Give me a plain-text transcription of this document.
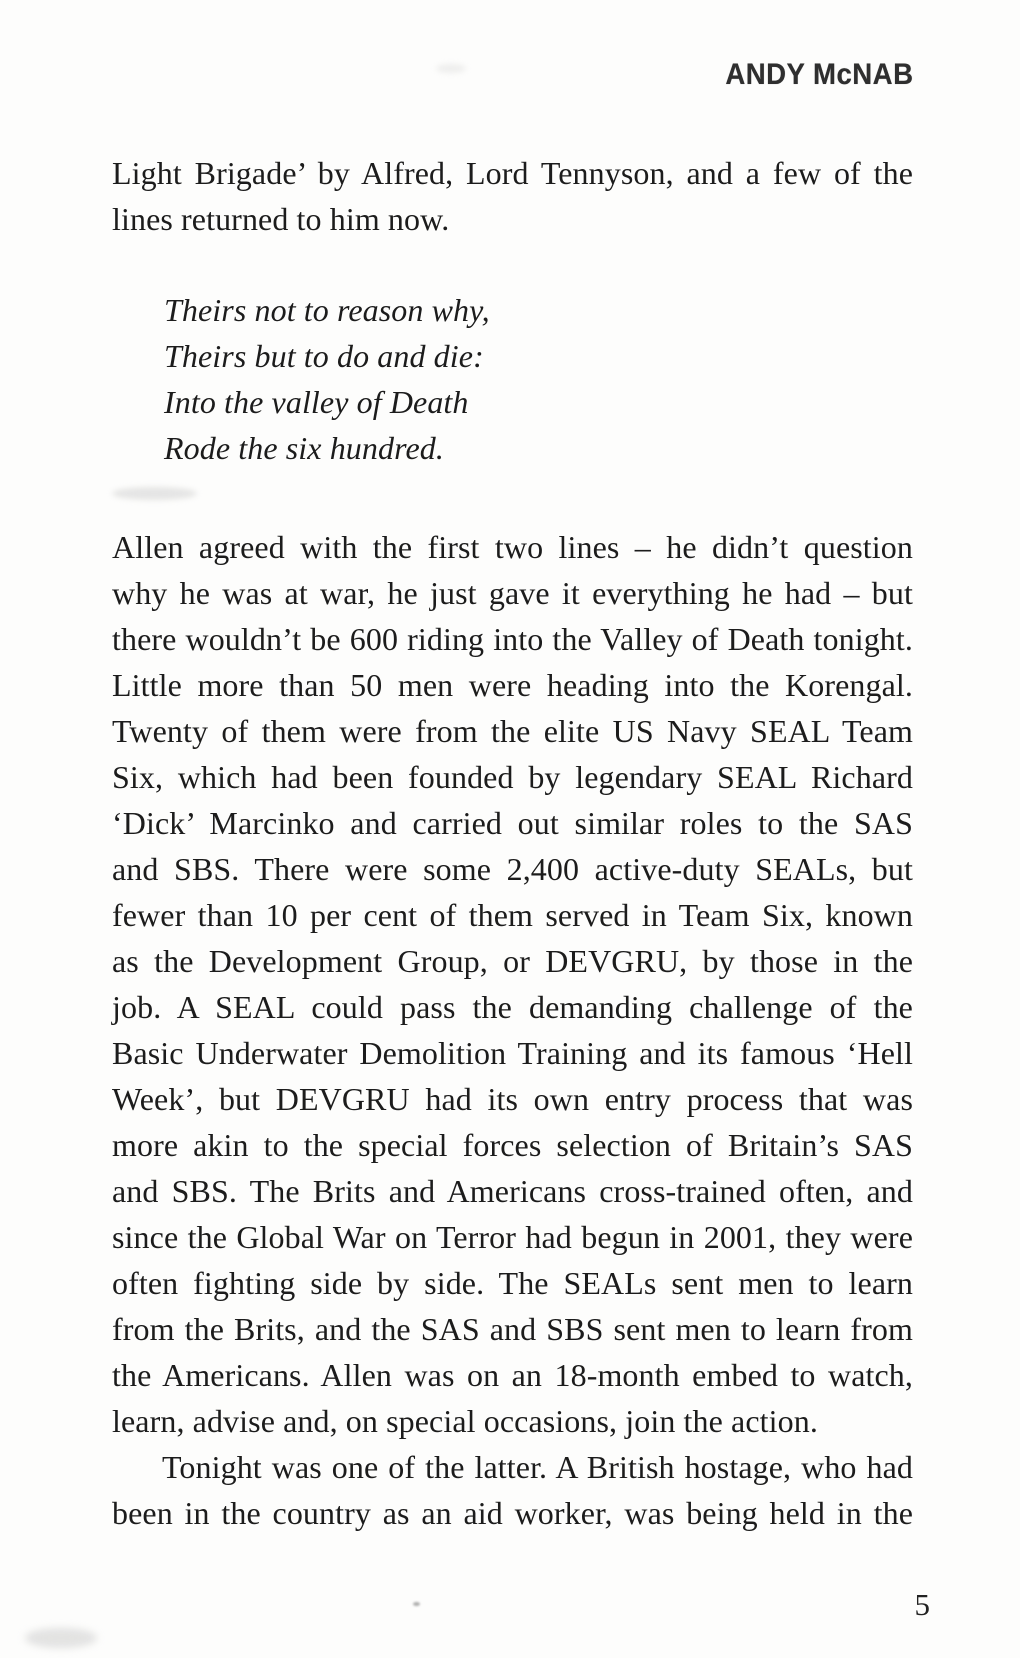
ANDY McNAB
Light Brigade’ by Alfred, Lord Tennyson, and a few of the
lines returned to him now.
Theirs not to reason why,
Theirs but to do and die:
Into the valley of Death
Rode the six hundred.
Allen agreed with the first two lines – he didn’t question
why he was at war, he just gave it everything he had – but
there wouldn’t be 600 riding into the Valley of Death tonight.
Little more than 50 men were heading into the Korengal.
Twenty of them were from the elite US Navy SEAL Team
Six, which had been founded by legendary SEAL Richard
‘Dick’ Marcinko and carried out similar roles to the SAS
and SBS. There were some 2,400 active-duty SEALs, but
fewer than 10 per cent of them served in Team Six, known
as the Development Group, or DEVGRU, by those in the
job. A SEAL could pass the demanding challenge of the
Basic Underwater Demolition Training and its famous ‘Hell
Week’, but DEVGRU had its own entry process that was
more akin to the special forces selection of Britain’s SAS
and SBS. The Brits and Americans cross-trained often, and
since the Global War on Terror had begun in 2001, they were
often fighting side by side. The SEALs sent men to learn
from the Brits, and the SAS and SBS sent men to learn from
the Americans. Allen was on an 18-month embed to watch,
learn, advise and, on special occasions, join the action.
Tonight was one of the latter. A British hostage, who had
been in the country as an aid worker, was being held in the
5
